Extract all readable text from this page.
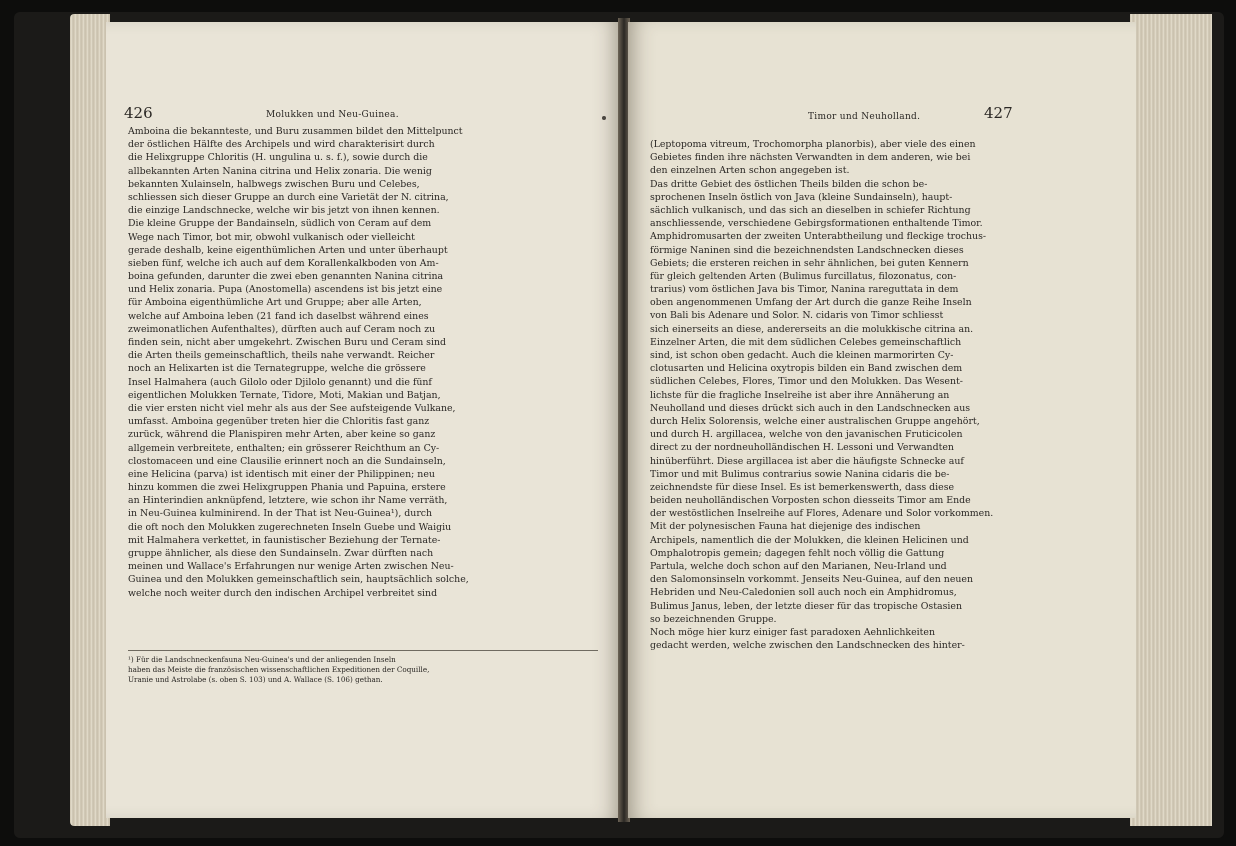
426	Molukken und Neu-Guinea.
Amboina die bekannteste, und Buru zusammen bildet den Mittelpunct
der östlichen Hälfte des Archipels und wird charakterisirt durch
die Helixgruppe Chloritis (H. ungulina u. s. f.), sowie durch die
allbekannten Arten Nanina citrina und Helix zonaria. Die wenig
bekannten Xulainseln, halbwegs zwischen Buru und Celebes,
schliessen sich dieser Gruppe an durch eine Varietät der N. citrina,
die einzige Landschnecke, welche wir bis jetzt von ihnen kennen.
Die kleine Gruppe der Bandainseln, südlich von Ceram auf dem
Wege nach Timor, bot mir, obwohl vulkanisch oder vielleicht
gerade deshalb, keine eigenthümlichen Arten und unter überhaupt
sieben fünf, welche ich auch auf dem Korallenkalkboden von Am-
boina gefunden, darunter die zwei eben genannten Nanina citrina
und Helix zonaria. Pupa (Anostomella) ascendens ist bis jetzt eine
für Amboina eigenthümliche Art und Gruppe; aber alle Arten,
welche auf Amboina leben (21 fand ich daselbst während eines
zweimonatlichen Aufenthaltes), dürften auch auf Ceram noch zu
finden sein, nicht aber umgekehrt. Zwischen Buru und Ceram sind
die Arten theils gemeinschaftlich, theils nahe verwandt. Reicher
noch an Helixarten ist die Ternategruppe, welche die grössere
Insel Halmahera (auch Gilolo oder Djilolo genannt) und die fünf
eigentlichen Molukken Ternate, Tidore, Moti, Makian und Batjan,
die vier ersten nicht viel mehr als aus der See aufsteigende Vulkane,
umfasst. Amboina gegenüber treten hier die Chloritis fast ganz
zurück, während die Planispiren mehr Arten, aber keine so ganz
allgemein verbreitete, enthalten; ein grösserer Reichthum an Cy-
clostomaceen und eine Clausilie erinnert noch an die Sundainseln,
eine Helicina (parva) ist identisch mit einer der Philippinen; neu
hinzu kommen die zwei Helixgruppen Phania und Papuina, erstere
an Hinterindien anknüpfend, letztere, wie schon ihr Name verräth,
in Neu-Guinea kulminirend. In der That ist Neu-Guinea¹), durch
die oft noch den Molukken zugerechneten Inseln Guebe und Waigiu
mit Halmahera verkettet, in faunistischer Beziehung der Ternate-
gruppe ähnlicher, als diese den Sundainseln. Zwar dürften nach
meinen und Wallace's Erfahrungen nur wenige Arten zwischen Neu-
Guinea und den Molukken gemeinschaftlich sein, hauptsächlich solche,
welche noch weiter durch den indischen Archipel verbreitet sind
¹) Für die Landschneckenfauna Neu-Guinea's und der anliegenden Inseln
haben das Meiste die französischen wissenschaftlichen Expeditionen der Coquille,
Uranie und Astrolabe (s. oben S. 103) und A. Wallace (S. 106) gethan.
Timor und Neuholland.	427
(Leptopoma vitreum, Trochomorpha planorbis), aber viele des einen
Gebietes finden ihre nächsten Verwandten in dem anderen, wie bei
den einzelnen Arten schon angegeben ist.
Das dritte Gebiet des östlichen Theils bilden die schon be-
sprochenen Inseln östlich von Java (kleine Sundainseln), haupt-
sächlich vulkanisch, und das sich an dieselben in schiefer Richtung
anschliessende, verschiedene Gebirgsformationen enthaltende Timor.
Amphidromusarten der zweiten Unterabtheilung und fleckige trochus-
förmige Naninen sind die bezeichnendsten Landschnecken dieses
Gebiets; die ersteren reichen in sehr ähnlichen, bei guten Kennern
für gleich geltenden Arten (Bulimus furcillatus, filozonatus, con-
trarius) vom östlichen Java bis Timor, Nanina rareguttata in dem
oben angenommenen Umfang der Art durch die ganze Reihe Inseln
von Bali bis Adenare und Solor. N. cidaris von Timor schliesst
sich einerseits an diese, andererseits an die molukkische citrina an.
Einzelner Arten, die mit dem südlichen Celebes gemeinschaftlich
sind, ist schon oben gedacht. Auch die kleinen marmorirten Cy-
clotusarten und Helicina oxytropis bilden ein Band zwischen dem
südlichen Celebes, Flores, Timor und den Molukken. Das Wesent-
lichste für die fragliche Inselreihe ist aber ihre Annäherung an
Neuholland und dieses drückt sich auch in den Landschnecken aus
durch Helix Solorensis, welche einer australischen Gruppe angehört,
und durch H. argillacea, welche von den javanischen Fruticicolen
direct zu der nordneuholländischen H. Lessoni und Verwandten
hinüberführt. Diese argillacea ist aber die häufigste Schnecke auf
Timor und mit Bulimus contrarius sowie Nanina cidaris die be-
zeichnendste für diese Insel. Es ist bemerkenswerth, dass diese
beiden neuholländischen Vorposten schon diesseits Timor am Ende
der westöstlichen Inselreihe auf Flores, Adenare und Solor vorkommen.
Mit der polynesischen Fauna hat diejenige des indischen
Archipels, namentlich die der Molukken, die kleinen Helicinen und
Omphalotropis gemein; dagegen fehlt noch völlig die Gattung
Partula, welche doch schon auf den Marianen, Neu-Irland und
den Salomonsinseln vorkommt. Jenseits Neu-Guinea, auf den neuen
Hebriden und Neu-Caledonien soll auch noch ein Amphidromus,
Bulimus Janus, leben, der letzte dieser für das tropische Ostasien
so bezeichnenden Gruppe.
Noch möge hier kurz einiger fast paradoxen Aehnlichkeiten
gedacht werden, welche zwischen den Landschnecken des hinter-
